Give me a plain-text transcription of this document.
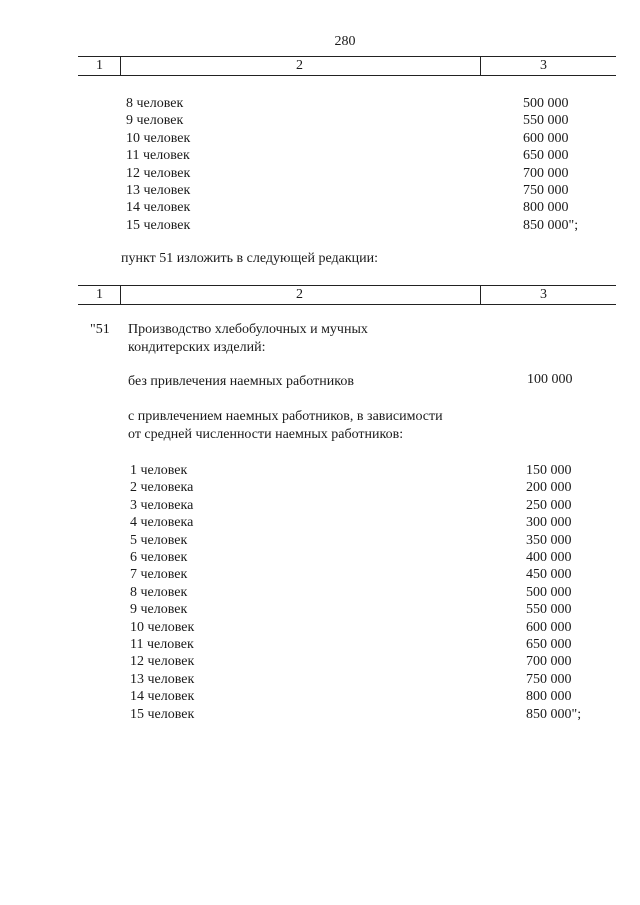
280
1	2	3
8 человек	500 000
9 человек	550 000
10 человек	600 000
11 человек	650 000
12 человек	700 000
13 человек	750 000
14 человек	800 000
15 человек	850 000";
пункт 51 изложить в следующей редакции:
1	2	3
"51 Производство хлебобулочных и мучных
кондитерских изделий:
без привлечения наемных работников	100 000
с привлечением наемных работников, в зависимости
от средней численности наемных работников:
1 человек	150 000
2 человека	200 000
3 человека	250 000
4 человека	300 000
5 человек	350 000
6 человек	400 000
7 человек	450 000
8 человек	500 000
9 человек	550 000
10 человек	600 000
11 человек	650 000
12 человек	700 000
13 человек	750 000
14 человек	800 000
15 человек	850 000";
